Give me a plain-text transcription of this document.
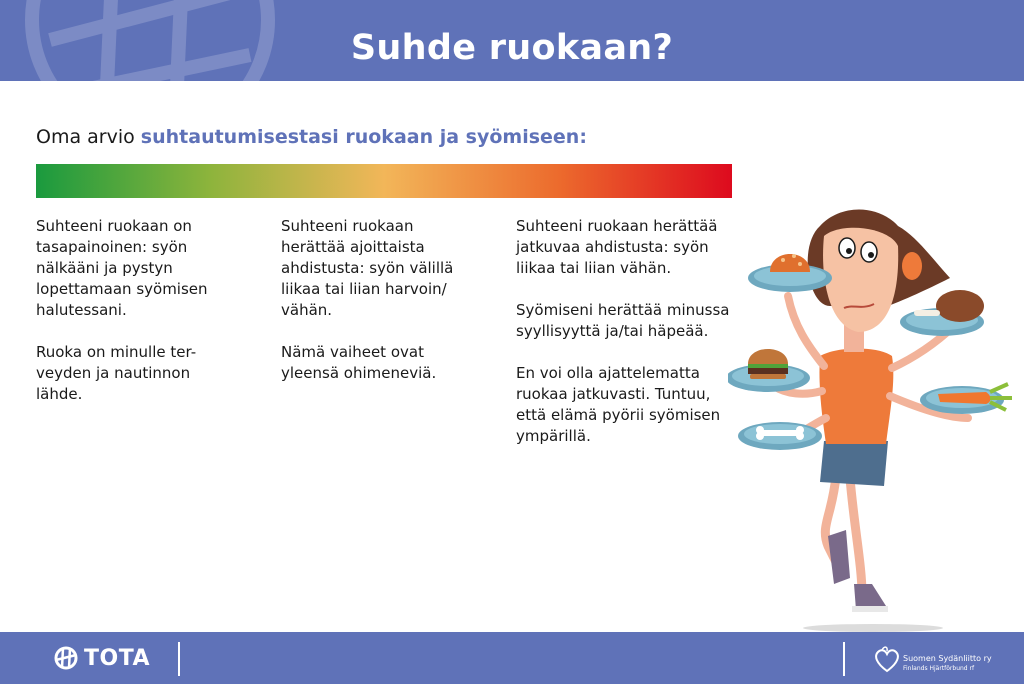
Suhde ruokaan?
Oma arvio suhtautumisestasi ruokaan ja syömiseen:

Suhteeni ruokaan on tasapainoinen: syön nälkääni ja pystyn lopettamaan syömisen halutessani.

Ruoka on minulle ter-veyden ja nautinnon lähde.

Suhteeni ruokaan herättää ajoittaista ahdistusta: syön välillä liikaa tai liian harvoin/ vähän.

Nämä vaiheet ovat yleensä ohimeneviä.

Suhteeni ruokaan herättää jatkuvaa ahdistusta: syön liikaa tai liian vähän.

Syömiseni herättää minussa syyllisyyttä ja/tai häpeää.

En voi olla ajattelematta ruokaa jatkuvasti. Tuntuu, että elämä pyörii syömisen ympärillä.

TOTA	Suomen Sydänliitto ry
Finlands Hjärtförbund rf
